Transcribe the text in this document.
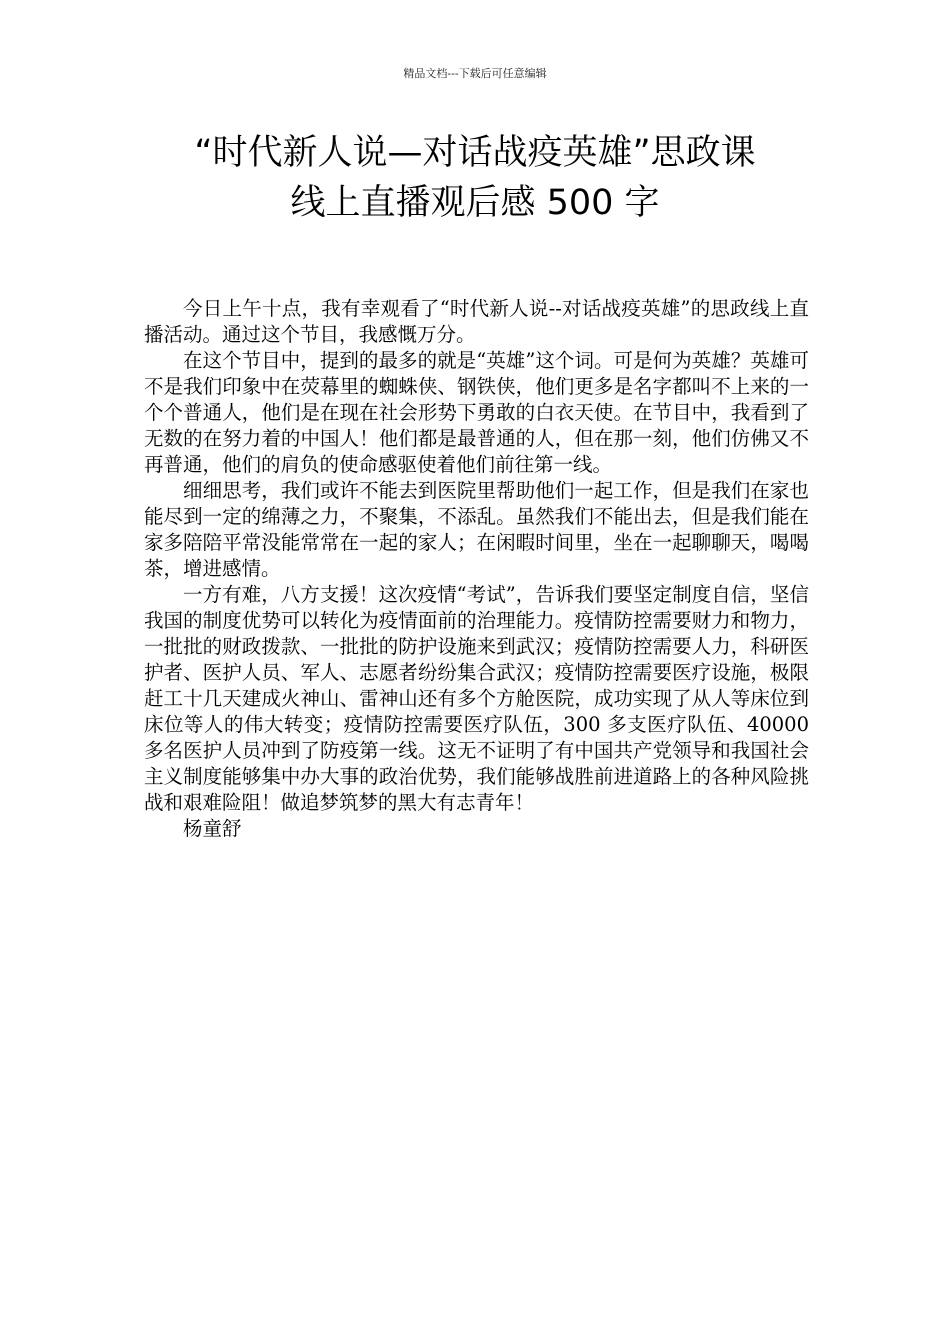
精品文档---下载后可任意编辑
“时代新人说—对话战疫英雄”思政课
线上直播观后感 500 字

今日上午十点，我有幸观看了“时代新人说--对话战疫英雄”的思政线上直播活动。通过这个节目，我感慨万分。

在这个节目中，提到的最多的就是“英雄”这个词。可是何为英雄？英雄可不是我们印象中在荧幕里的蜘蛛侠、钢铁侠，他们更多是名字都叫不上来的一个个普通人，他们是在现在社会形势下勇敢的白衣天使。在节目中，我看到了无数的在努力着的中国人！他们都是最普通的人，但在那一刻，他们仿佛又不再普通，他们的肩负的使命感驱使着他们前往第一线。

细细思考，我们或许不能去到医院里帮助他们一起工作，但是我们在家也能尽到一定的绵薄之力，不聚集，不添乱。虽然我们不能出去，但是我们能在家多陪陪平常没能常常在一起的家人；在闲暇时间里，坐在一起聊聊天，喝喝茶，增进感情。

一方有难，八方支援！这次疫情“考试”，告诉我们要坚定制度自信，坚信我国的制度优势可以转化为疫情面前的治理能力。疫情防控需要财力和物力，一批批的财政拨款、一批批的防护设施来到武汉；疫情防控需要人力，科研医护者、医护人员、军人、志愿者纷纷集合武汉；疫情防控需要医疗设施，极限赶工十几天建成火神山、雷神山还有多个方舱医院，成功实现了从人等床位到床位等人的伟大转变；疫情防控需要医疗队伍，300 多支医疗队伍、40000 多名医护人员冲到了防疫第一线。这无不证明了有中国共产党领导和我国社会主义制度能够集中办大事的政治优势，我们能够战胜前进道路上的各种风险挑战和艰难险阻！做追梦筑梦的黑大有志青年！

杨童舒
